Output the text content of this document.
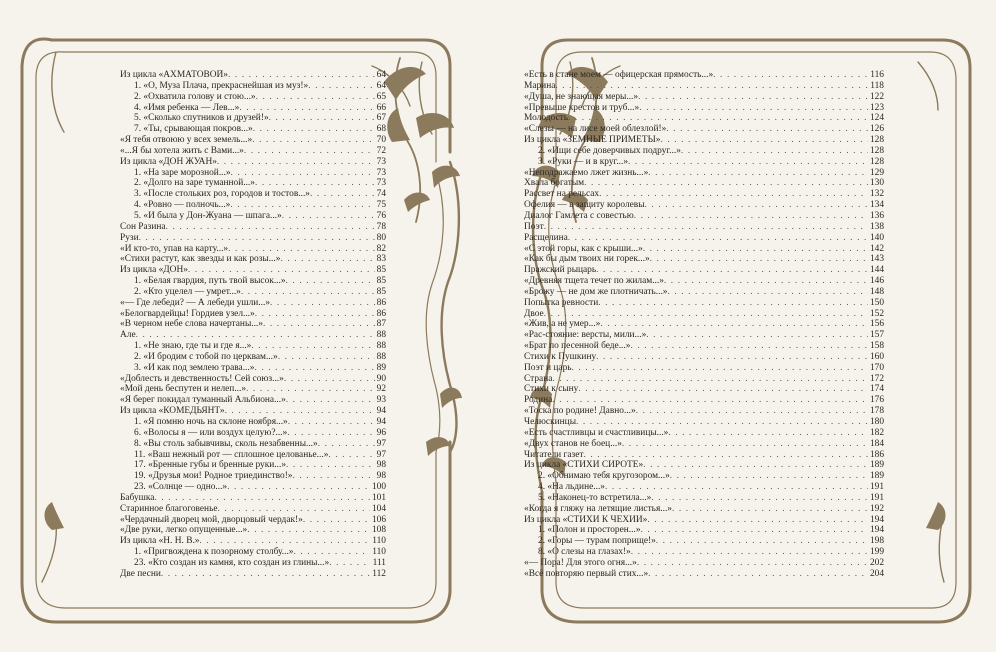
Из цикла «АХМАТОВОЙ» . . .	64
1. «О, Муза Плача, прекраснейшая из муз!» . . .	64
2. «Охватила голову и стою...» . . .	65
4. «Имя ребенка — Лев...» . . .	66
5. «Сколько спутников и друзей!» . . .	67
7. «Ты, срывающая покров...» . . .	68
«Я тебя отвоюю у всех земель...» . . .	70
«...Я бы хотела жить с Вами...» . . .	72
Из цикла «ДОН ЖУАН» . . .	73
1. «На заре морозной...» . . .	73
2. «Долго на заре туманной...» . . .	73
3. «После стольких роз, городов и тостов...» . . .	74
4. «Ровно — полночь...» . . .	75
5. «И была у Дон-Жуана — шпага...» . . .	76
Сон Разина . . .	78
Рузи . . .	80
«И кто-то, упав на карту...» . . .	82
«Стихи растут, как звезды и как розы...» . . .	83
Из цикла «ДОН» . . .	85
1. «Белая гвардия, путь твой высок...» . . .	85
2. «Кто уцелел — умрет...» . . .	85
«— Где лебеди? — А лебеди ушли...» . . .	86
«Белогвардейцы! Гордиев узел...» . . .	86
«В черном небе слова начертаны...» . . .	87
Але . . .	88
1. «Не знаю, где ты и где я...» . . .	88
2. «И бродим с тобой по церквам...» . . .	88
3. «И как под землею трава...» . . .	89
«Доблесть и девственность! Сей союз...» . . .	90
«Мой день беспутен и нелеп...» . . .	92
«Я берег покидал туманный Альбиона...» . . .	93
Из цикла «КОМЕДЬЯНТ» . . .	94
1. «Я помню ночь на склоне ноября...» . . .	94
6. «Волосы я — или воздух целую?...» . . .	96
8. «Вы столь забывчивы, сколь незабвенны...» . . .	97
11. «Ваш нежный рот — сплошное целованье...» . . .	97
17. «Бренные губы и бренные руки...» . . .	98
19. «Друзья мои! Родное триединство!» . . .	98
23. «Солнце — одно...» . . .	100
Бабушка . . .	101
Старинное благоговенье . . .	104
«Чердачный дворец мой, дворцовый чердак!» . . .	106
«Две руки, легко опущенные...» . . .	108
Из цикла «Н. Н. В.» . . .	110
1. «Пригвождена к позорному столбу...» . . .	110
23. «Кто создан из камня, кто создан из глины...» . . .	111
Две песни . . .	112
«Есть в стане моем — офицерская прямость...» . . .	116
Марина . . .	118
«Душа, не знающая меры...» . . .	122
«Превыше крестов и труб...» . . .	123
Молодость . . .	124
«Слезы — на лисе моей облезлой!» . . .	126
Из цикла «ЗЕМНЫЕ ПРИМЕТЫ» . . .	128
2. «Ищи себе доверчивых подруг...» . . .	128
3. «Руки — и в круг...» . . .	128
«Неподражаемо лжет жизнь...» . . .	129
Хвала богатым . . .	130
Рассвет на рельсах . . .	132
Офелия — в защиту королевы . . .	134
Диалог Гамлета с совестью . . .	136
Поэт . . .	138
Расщелина . . .	140
«С этой горы, как с крыши...» . . .	142
«Как бы дым твоих ни горек...» . . .	143
Пражский рыцарь . . .	144
«Древняя тщета течет по жилам...» . . .	146
«Брожу — не дом же плотничать...» . . .	148
Попытка ревности . . .	150
Двое . . .	152
«Жив, а не умер...» . . .	156
«Рас-стояние: версты, мили...» . . .	157
«Брат по песенной беде...» . . .	158
Стихи к Пушкину . . .	160
Поэт и царь . . .	170
Страна . . .	172
Стихи к сыну . . .	174
Родина . . .	176
«Тоска по родине! Давно...» . . .	178
Челюскинцы . . .	180
«Есть счастливцы и счастливицы...» . . .	182
«Двух станов не боец...» . . .	184
Читатели газет . . .	186
Из цикла «СТИХИ СИРОТЕ» . . .	189
2. «Обнимаю тебя кругозором...» . . .	189
4. «На льдине...» . . .	191
5. «Наконец-то встретила...» . . .	191
«Когда я гляжу на летящие листья...» . . .	192
Из цикла «СТИХИ К ЧЕХИИ» . . .	194
1. «Полон и просторен...» . . .	194
2. «Горы — турам поприще!» . . .	198
8. «О слезы на глазах!» . . .	199
«— Пора! Для этого огня...» . . .	202
«Всё повторяю первый стих...» . . .	204
